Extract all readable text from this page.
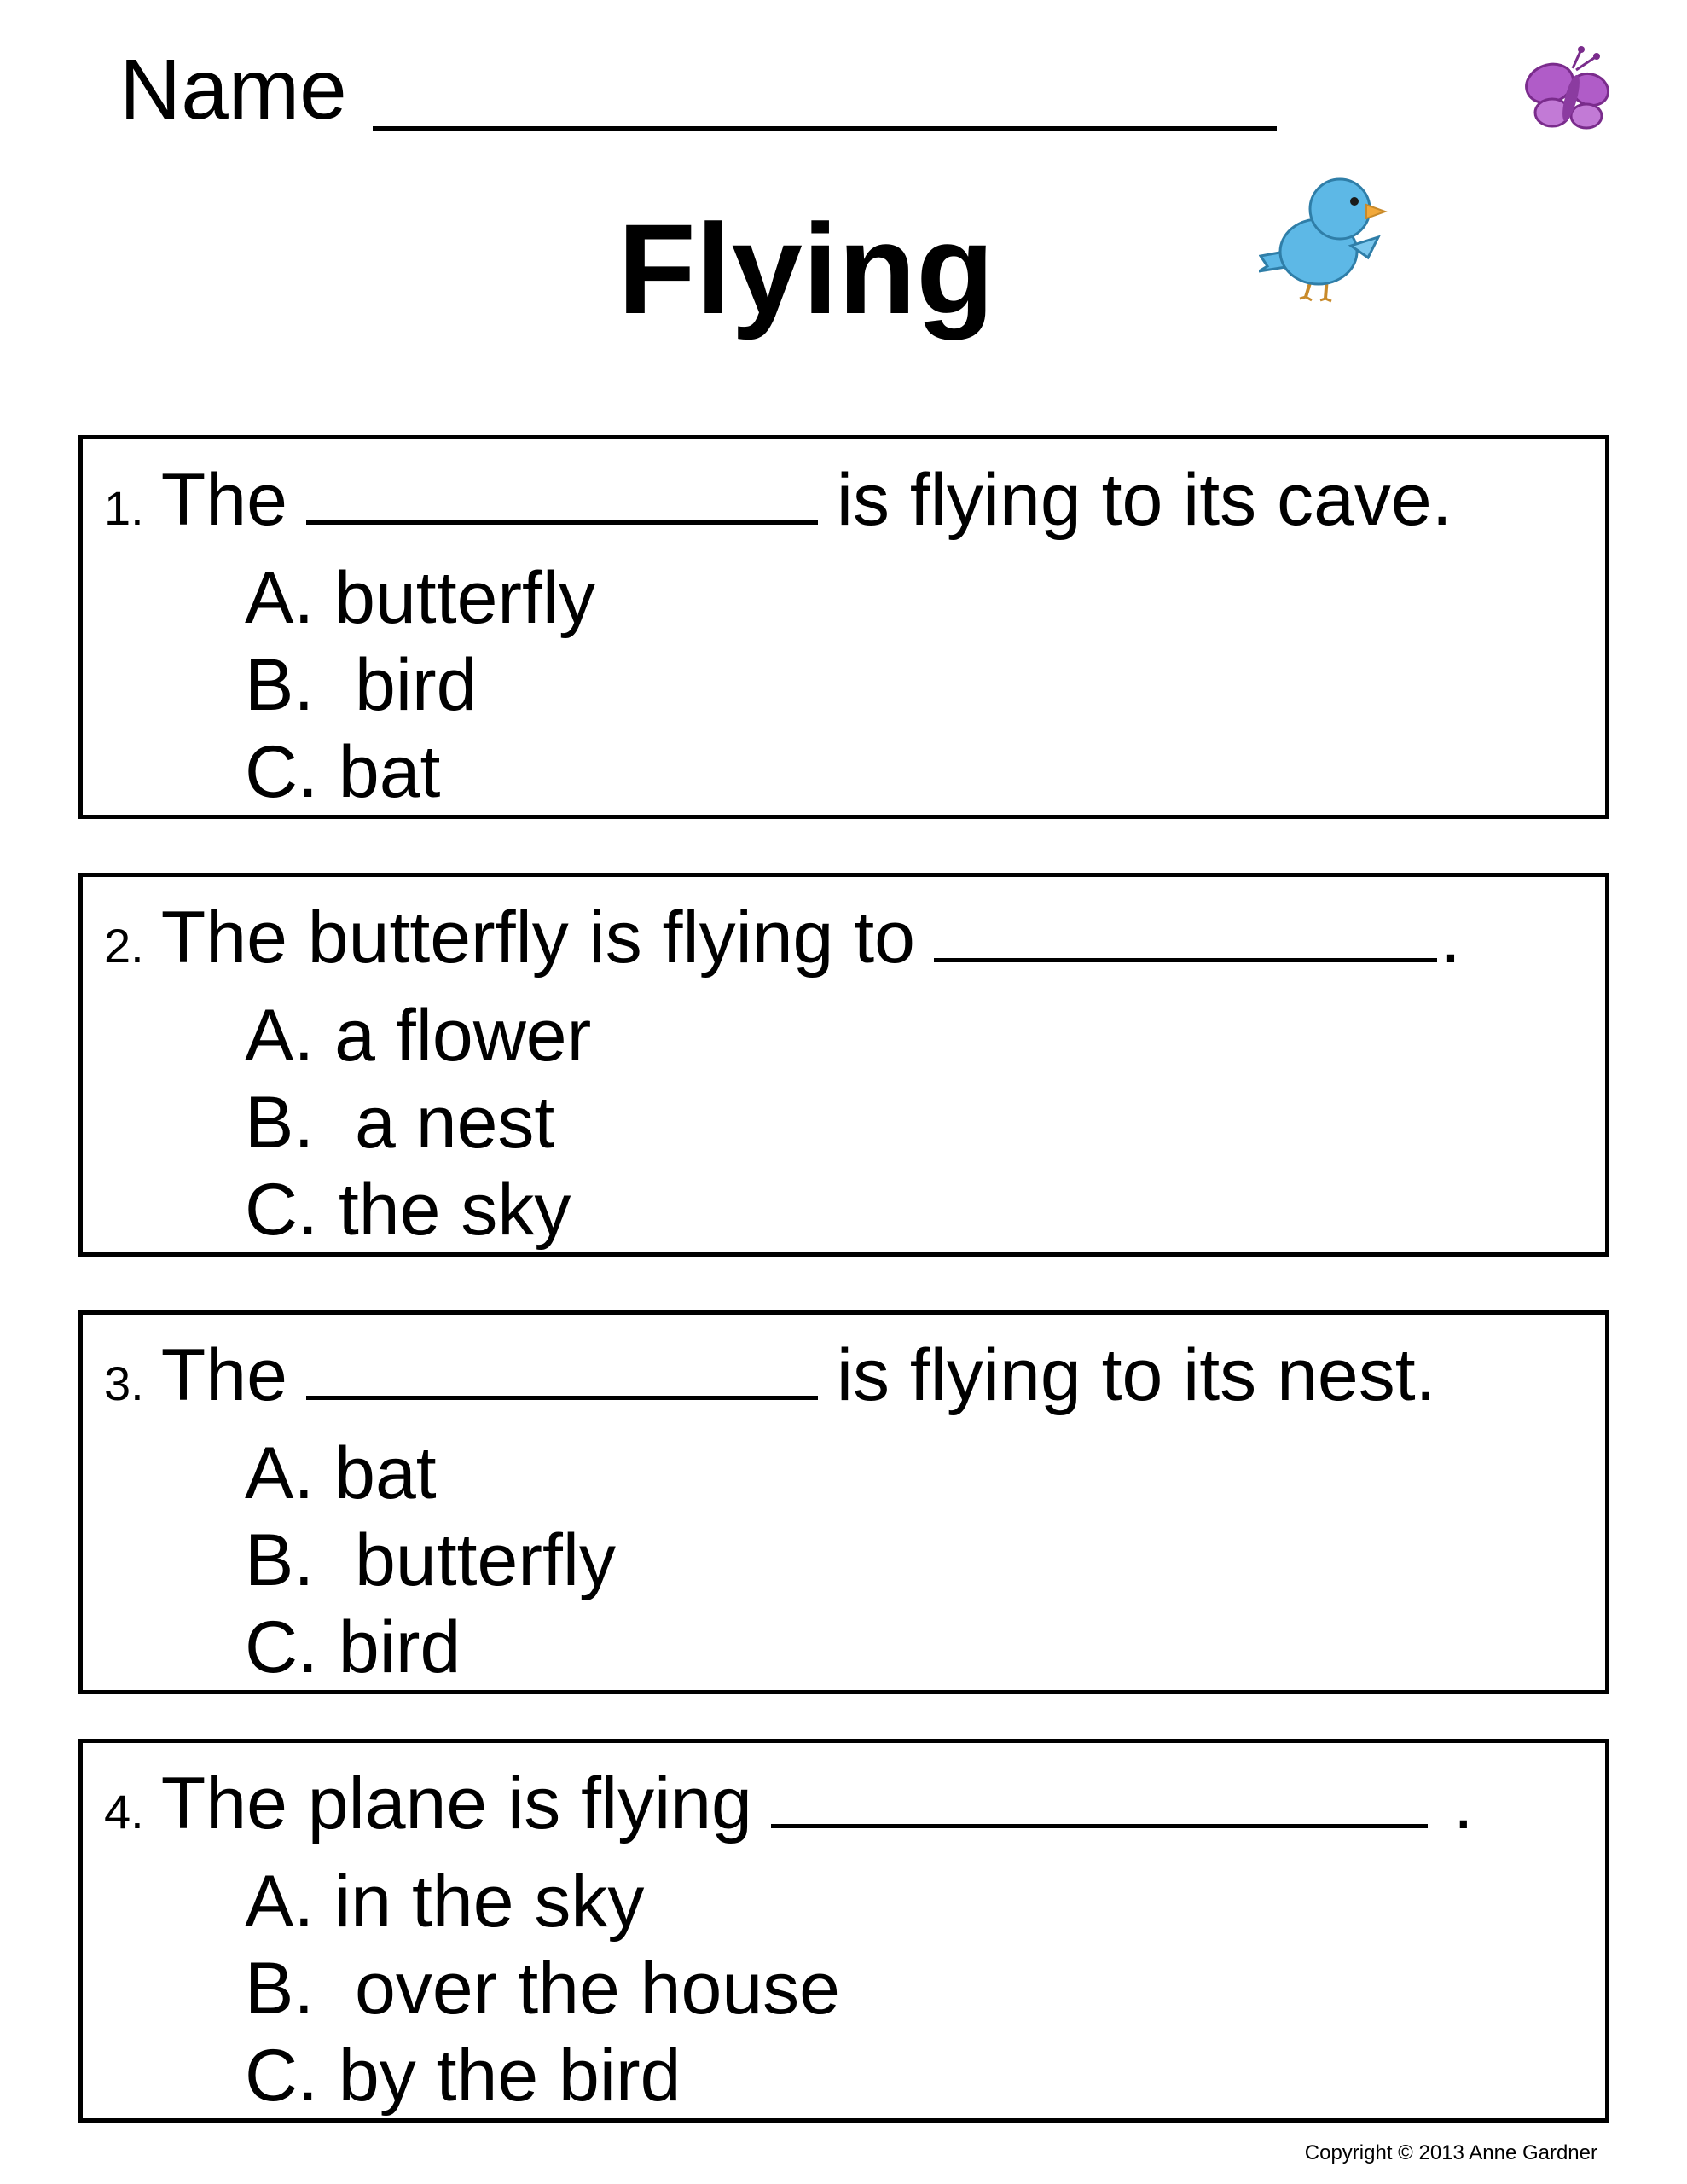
Name
Flying
1. The	is flying to its cave.
A. butterfly
B.  bird
C. bat
2. The butterfly is flying to	.
A. a flower
B.  a nest
C. the sky
3. The	is flying to its nest.
A. bat
B.  butterfly
C. bird
4. The plane is flying	.
A. in the sky
B.  over the house
C. by the bird
Copyright © 2013 Anne Gardner
